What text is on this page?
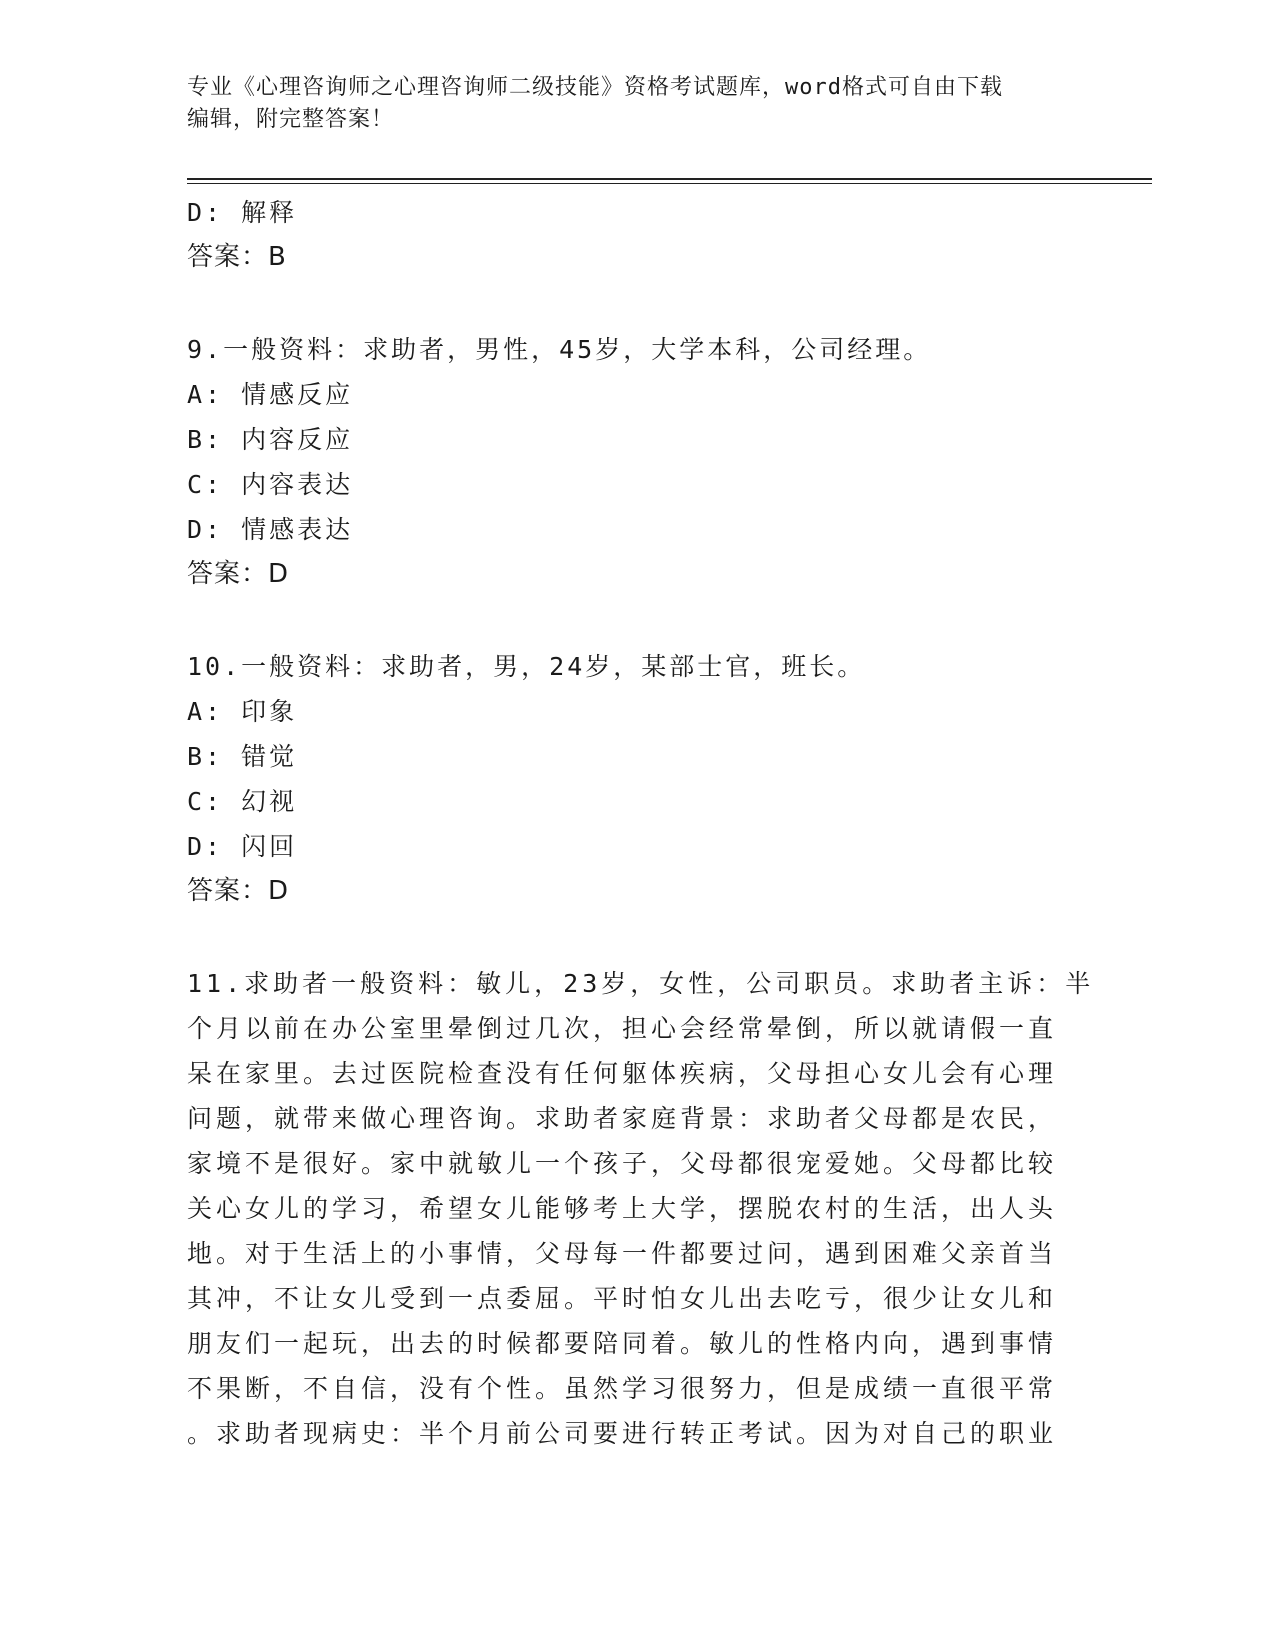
专业《心理咨询师之心理咨询师二级技能》资格考试题库，word格式可自由下载
编辑，附完整答案！
D: 解释
答案：B
9.一般资料：求助者，男性，45岁，大学本科，公司经理。
A: 情感反应
B: 内容反应
C: 内容表达
D: 情感表达
答案：D
10.一般资料：求助者，男，24岁，某部士官，班长。
A: 印象
B: 错觉
C: 幻视
D: 闪回
答案：D
11.求助者一般资料：敏儿，23岁，女性，公司职员。求助者主诉：半
个月以前在办公室里晕倒过几次，担心会经常晕倒，所以就请假一直
呆在家里。去过医院检查没有任何躯体疾病，父母担心女儿会有心理
问题，就带来做心理咨询。求助者家庭背景：求助者父母都是农民，
家境不是很好。家中就敏儿一个孩子，父母都很宠爱她。父母都比较
关心女儿的学习，希望女儿能够考上大学，摆脱农村的生活，出人头
地。对于生活上的小事情，父母每一件都要过问，遇到困难父亲首当
其冲，不让女儿受到一点委屈。平时怕女儿出去吃亏，很少让女儿和
朋友们一起玩，出去的时候都要陪同着。敏儿的性格内向，遇到事情
不果断，不自信，没有个性。虽然学习很努力，但是成绩一直很平常
。求助者现病史：半个月前公司要进行转正考试。因为对自己的职业
